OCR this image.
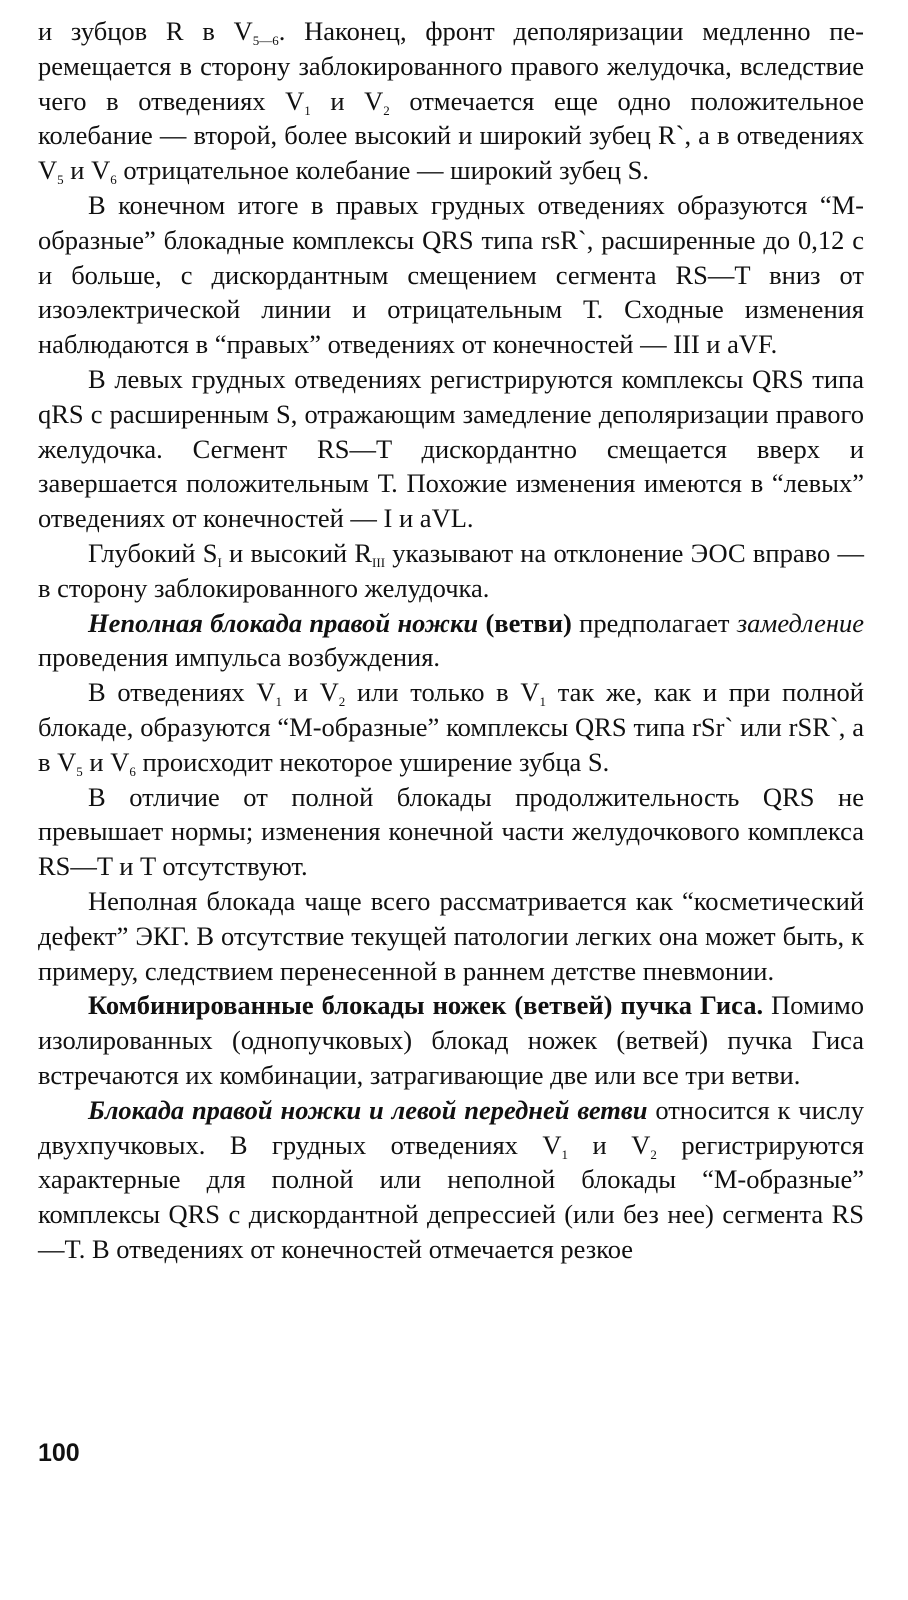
и зубцов R в $V_{5—6}$. Наконец, фронт деполяризации медленно перемещается в сторону заблокированного правого желудочка, вследствие чего в отведениях $V_1$ и $V_2$ отмечается еще одно положительное колебание — второй, более высокий и широкий зубец R`, а в отведениях $V_5$ и $V_6$ отрицательное колебание — широкий зубец S.

В конечном итоге в правых грудных отведениях образуются “М-образные” блокадные комплексы QRS типа rsR`, расширенные до 0,12 с и больше, с дискордантным смещением сегмента RS—T вниз от изоэлектрической линии и отрицательным Т. Сходные изменения наблюдаются в “правых” отведениях от конечностей — III и aVF.

В левых грудных отведениях регистрируются комплексы QRS типа qRS с расширенным S, отражающим замедление деполяризации правого желудочка. Сегмент RS—T дискордантно смещается вверх и завершается положительным Т. Похожие изменения имеются в “левых” отведениях от конечностей — I и aVL.

Глубокий $S_I$ и высокий $R_{III}$ указывают на отклонение ЭОС вправо — в сторону заблокированного желудочка.

Неполная блокада правой ножки (ветви) предполагает замедление проведения импульса возбуждения.

В отведениях $V_1$ и $V_2$ или только в $V_1$ так же, как и при полной блокаде, образуются “М-образные” комплексы QRS типа rSr` или rSR`, а в $V_5$ и $V_6$ происходит некоторое уширение зубца S.

В отличие от полной блокады продолжительность QRS не превышает нормы; изменения конечной части желудочкового комплекса RS—T и T отсутствуют.

Неполная блокада чаще всего рассматривается как “косметический дефект” ЭКГ. В отсутствие текущей патологии легких она может быть, к примеру, следствием перенесенной в раннем детстве пневмонии.

Комбинированные блокады ножек (ветвей) пучка Гиса. Помимо изолированных (однопучковых) блокад ножек (ветвей) пучка Гиса встречаются их комбинации, затрагивающие две или все три ветви.

Блокада правой ножки и левой передней ветви относится к числу двухпучковых. В грудных отведениях $V_1$ и $V_2$ регистрируются характерные для полной или неполной блокады “М-образные” комплексы QRS с дискордантной депрессией (или без нее) сегмента RS—T. В отведениях от конечностей отмечается резкое

100
